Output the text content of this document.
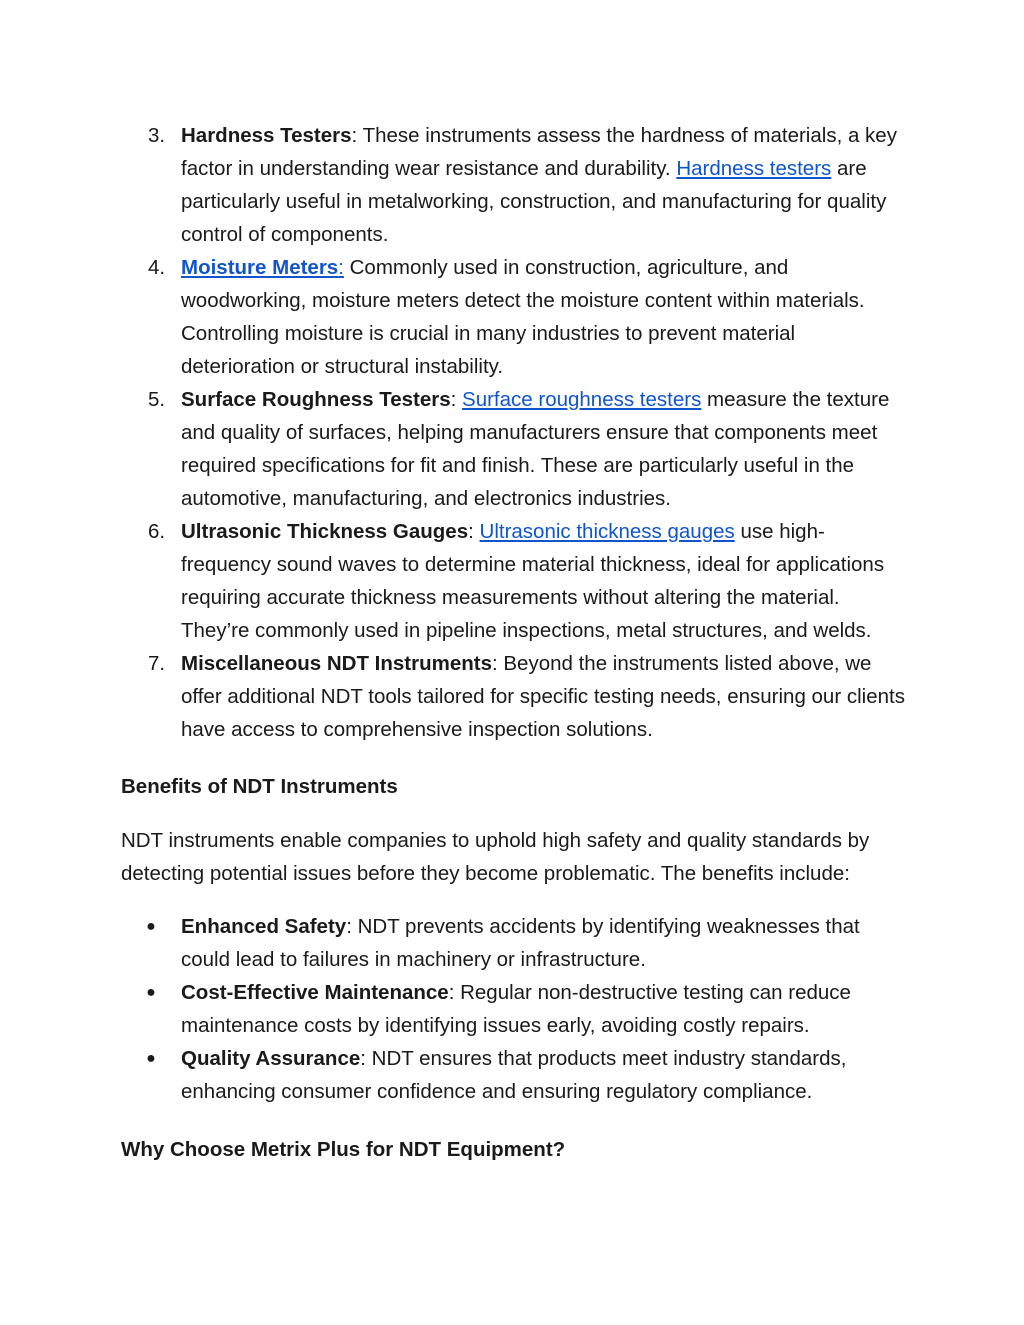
3. Hardness Testers: These instruments assess the hardness of materials, a key factor in understanding wear resistance and durability. Hardness testers are particularly useful in metalworking, construction, and manufacturing for quality control of components.
4. Moisture Meters: Commonly used in construction, agriculture, and woodworking, moisture meters detect the moisture content within materials. Controlling moisture is crucial in many industries to prevent material deterioration or structural instability.
5. Surface Roughness Testers: Surface roughness testers measure the texture and quality of surfaces, helping manufacturers ensure that components meet required specifications for fit and finish. These are particularly useful in the automotive, manufacturing, and electronics industries.
6. Ultrasonic Thickness Gauges: Ultrasonic thickness gauges use high-frequency sound waves to determine material thickness, ideal for applications requiring accurate thickness measurements without altering the material. They’re commonly used in pipeline inspections, metal structures, and welds.
7. Miscellaneous NDT Instruments: Beyond the instruments listed above, we offer additional NDT tools tailored for specific testing needs, ensuring our clients have access to comprehensive inspection solutions.
Benefits of NDT Instruments

NDT instruments enable companies to uphold high safety and quality standards by detecting potential issues before they become problematic. The benefits include:

● Enhanced Safety: NDT prevents accidents by identifying weaknesses that could lead to failures in machinery or infrastructure.
● Cost-Effective Maintenance: Regular non-destructive testing can reduce maintenance costs by identifying issues early, avoiding costly repairs.
● Quality Assurance: NDT ensures that products meet industry standards, enhancing consumer confidence and ensuring regulatory compliance.
Why Choose Metrix Plus for NDT Equipment?
